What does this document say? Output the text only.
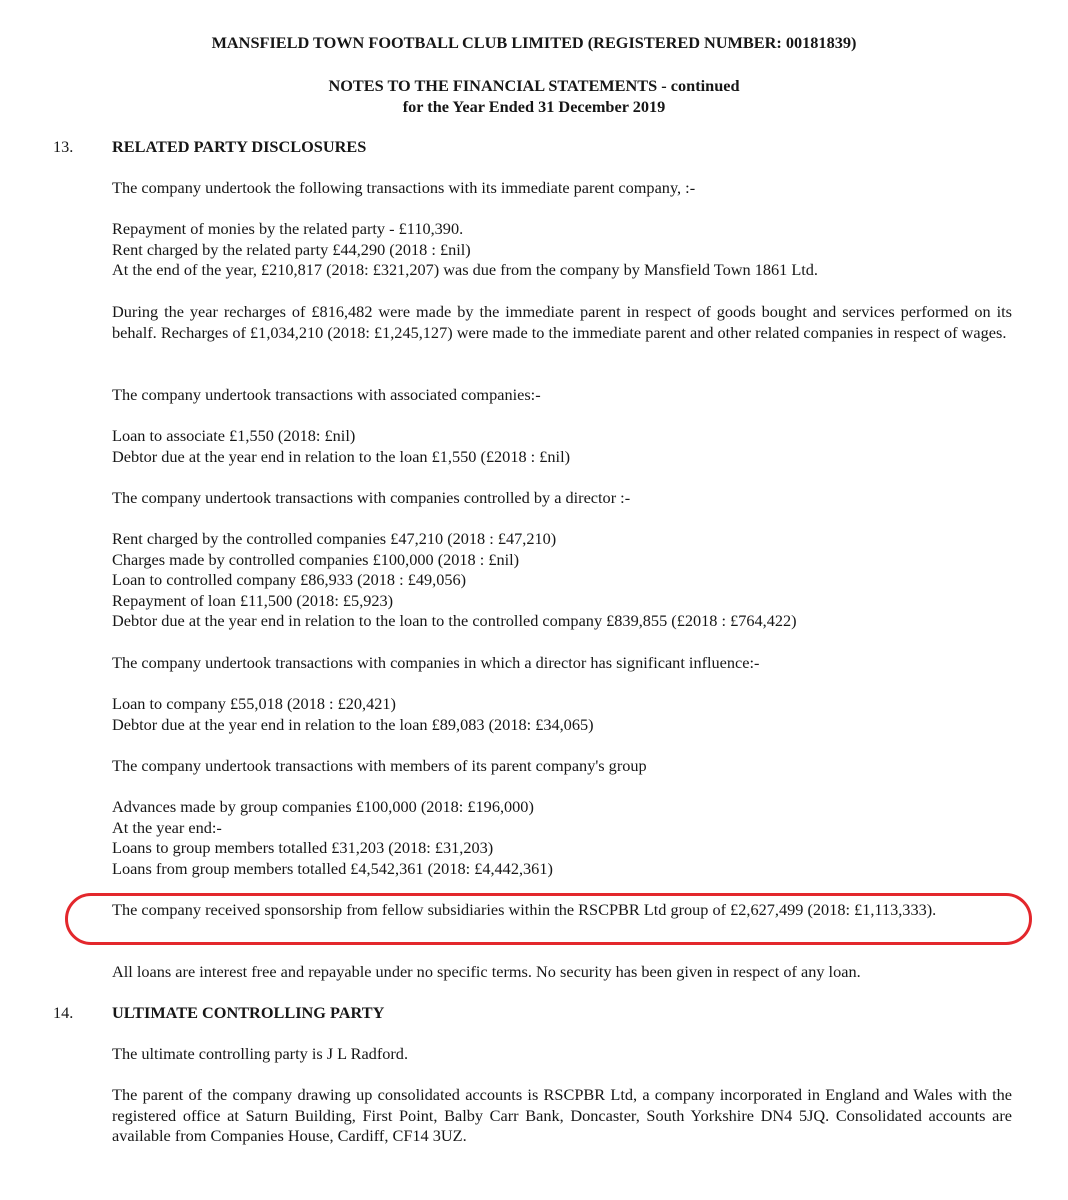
MANSFIELD TOWN FOOTBALL CLUB LIMITED (REGISTERED NUMBER: 00181839)
NOTES TO THE FINANCIAL STATEMENTS - continued
for the Year Ended 31 December 2019
13. RELATED PARTY DISCLOSURES
The company undertook the following transactions with its immediate parent company, :-
Repayment of monies by the related party - £110,390.
Rent charged by the related party £44,290 (2018 : £nil)
At the end of the year, £210,817 (2018: £321,207) was due from the company by Mansfield Town 1861 Ltd.
During the year recharges of £816,482 were made by the immediate parent in respect of goods bought and services performed on its behalf. Recharges of £1,034,210 (2018: £1,245,127) were made to the immediate parent and other related companies in respect of wages.
The company undertook transactions with associated companies:-
Loan to associate £1,550 (2018: £nil)
Debtor due at the year end in relation to the loan £1,550 (£2018 : £nil)
The company undertook transactions with companies controlled by a director :-
Rent charged by the controlled companies £47,210 (2018 : £47,210)
Charges made by controlled companies £100,000 (2018 : £nil)
Loan to controlled company £86,933 (2018 : £49,056)
Repayment of loan £11,500 (2018: £5,923)
Debtor due at the year end in relation to the loan to the controlled company £839,855 (£2018 : £764,422)
The company undertook transactions with companies in which a director has significant influence:-
Loan to company £55,018 (2018 : £20,421)
Debtor due at the year end in relation to the loan £89,083 (2018: £34,065)
The company undertook transactions with members of its parent company's group
Advances made by group companies £100,000 (2018: £196,000)
At the year end:-
Loans to group members totalled £31,203 (2018: £31,203)
Loans from group members totalled £4,542,361 (2018: £4,442,361)
The company received sponsorship from fellow subsidiaries within the RSCPBR Ltd group of £2,627,499 (2018: £1,113,333).
All loans are interest free and repayable under no specific terms. No security has been given in respect of any loan.
14. ULTIMATE CONTROLLING PARTY
The ultimate controlling party is J L Radford.
The parent of the company drawing up consolidated accounts is RSCPBR Ltd, a company incorporated in England and Wales with the registered office at Saturn Building, First Point, Balby Carr Bank, Doncaster, South Yorkshire DN4 5JQ. Consolidated accounts are available from Companies House, Cardiff, CF14 3UZ.
